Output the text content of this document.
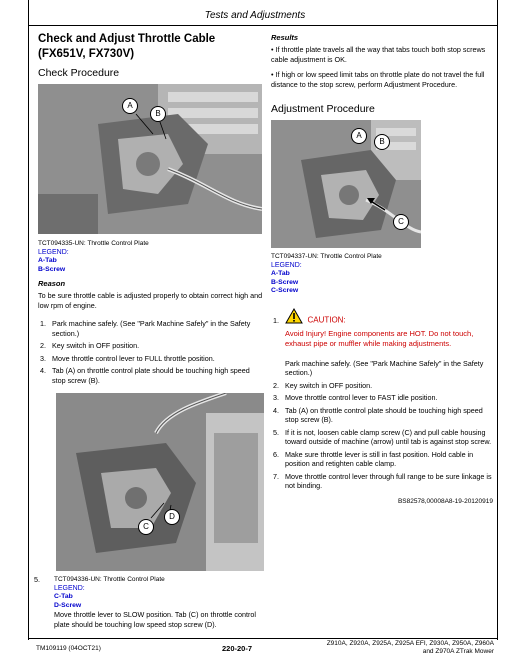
Tests and Adjustments
Check and Adjust Throttle Cable (FX651V, FX730V)
Check Procedure
A
B
TCT094335-UN: Throttle Control Plate
LEGEND:
A-Tab
B-Screw
Reason
To be sure throttle cable is adjusted properly to obtain correct high and low rpm of engine.
1. Park machine safely. (See "Park Machine Safely" in the Safety section.)
2. Key switch in OFF position.
3. Move throttle control lever to FULL throttle position.
4. Tab (A) on throttle control plate should be touching high speed stop screw (B).
C
D
5. TCT094336-UN: Throttle Control Plate
LEGEND:
C-Tab
D-Screw
Move throttle lever to SLOW position. Tab (C) on throttle control plate should be touching low speed stop screw (D).
Results
• If throttle plate travels all the way that tabs touch both stop screws cable adjustment is OK.
• If high or low speed limit tabs on throttle plate do not travel the full distance to the stop screw, perform Adjustment Procedure.
Adjustment Procedure
A
B
C
TCT094337-UN: Throttle Control Plate
LEGEND:
A-Tab
B-Screw
C-Screw
1.	CAUTION:
Avoid Injury! Engine components are HOT. Do not touch, exhaust pipe or muffler while making adjustments.
Park machine safely. (See "Park Machine Safely" in the Safety section.)
2. Key switch in OFF position.
3. Move throttle control lever to FAST idle position.
4. Tab (A) on throttle control plate should be touching high speed stop screw (B).
5. If it is not, loosen cable clamp screw (C) and pull cable housing toward outside of machine (arrow) until tab is against stop screw.
6. Make sure throttle lever is still in fast position. Hold cable in position and retighten cable clamp.
7. Move throttle control lever through full range to be sure linkage is not binding.
BS82578,00008A8-19-20120919
TM109119 (04OCT21)	220-20-7
Z910A, Z920A, Z925A, Z925A EFI, Z930A, Z950A, Z960A
and Z970A ZTrak Mower
